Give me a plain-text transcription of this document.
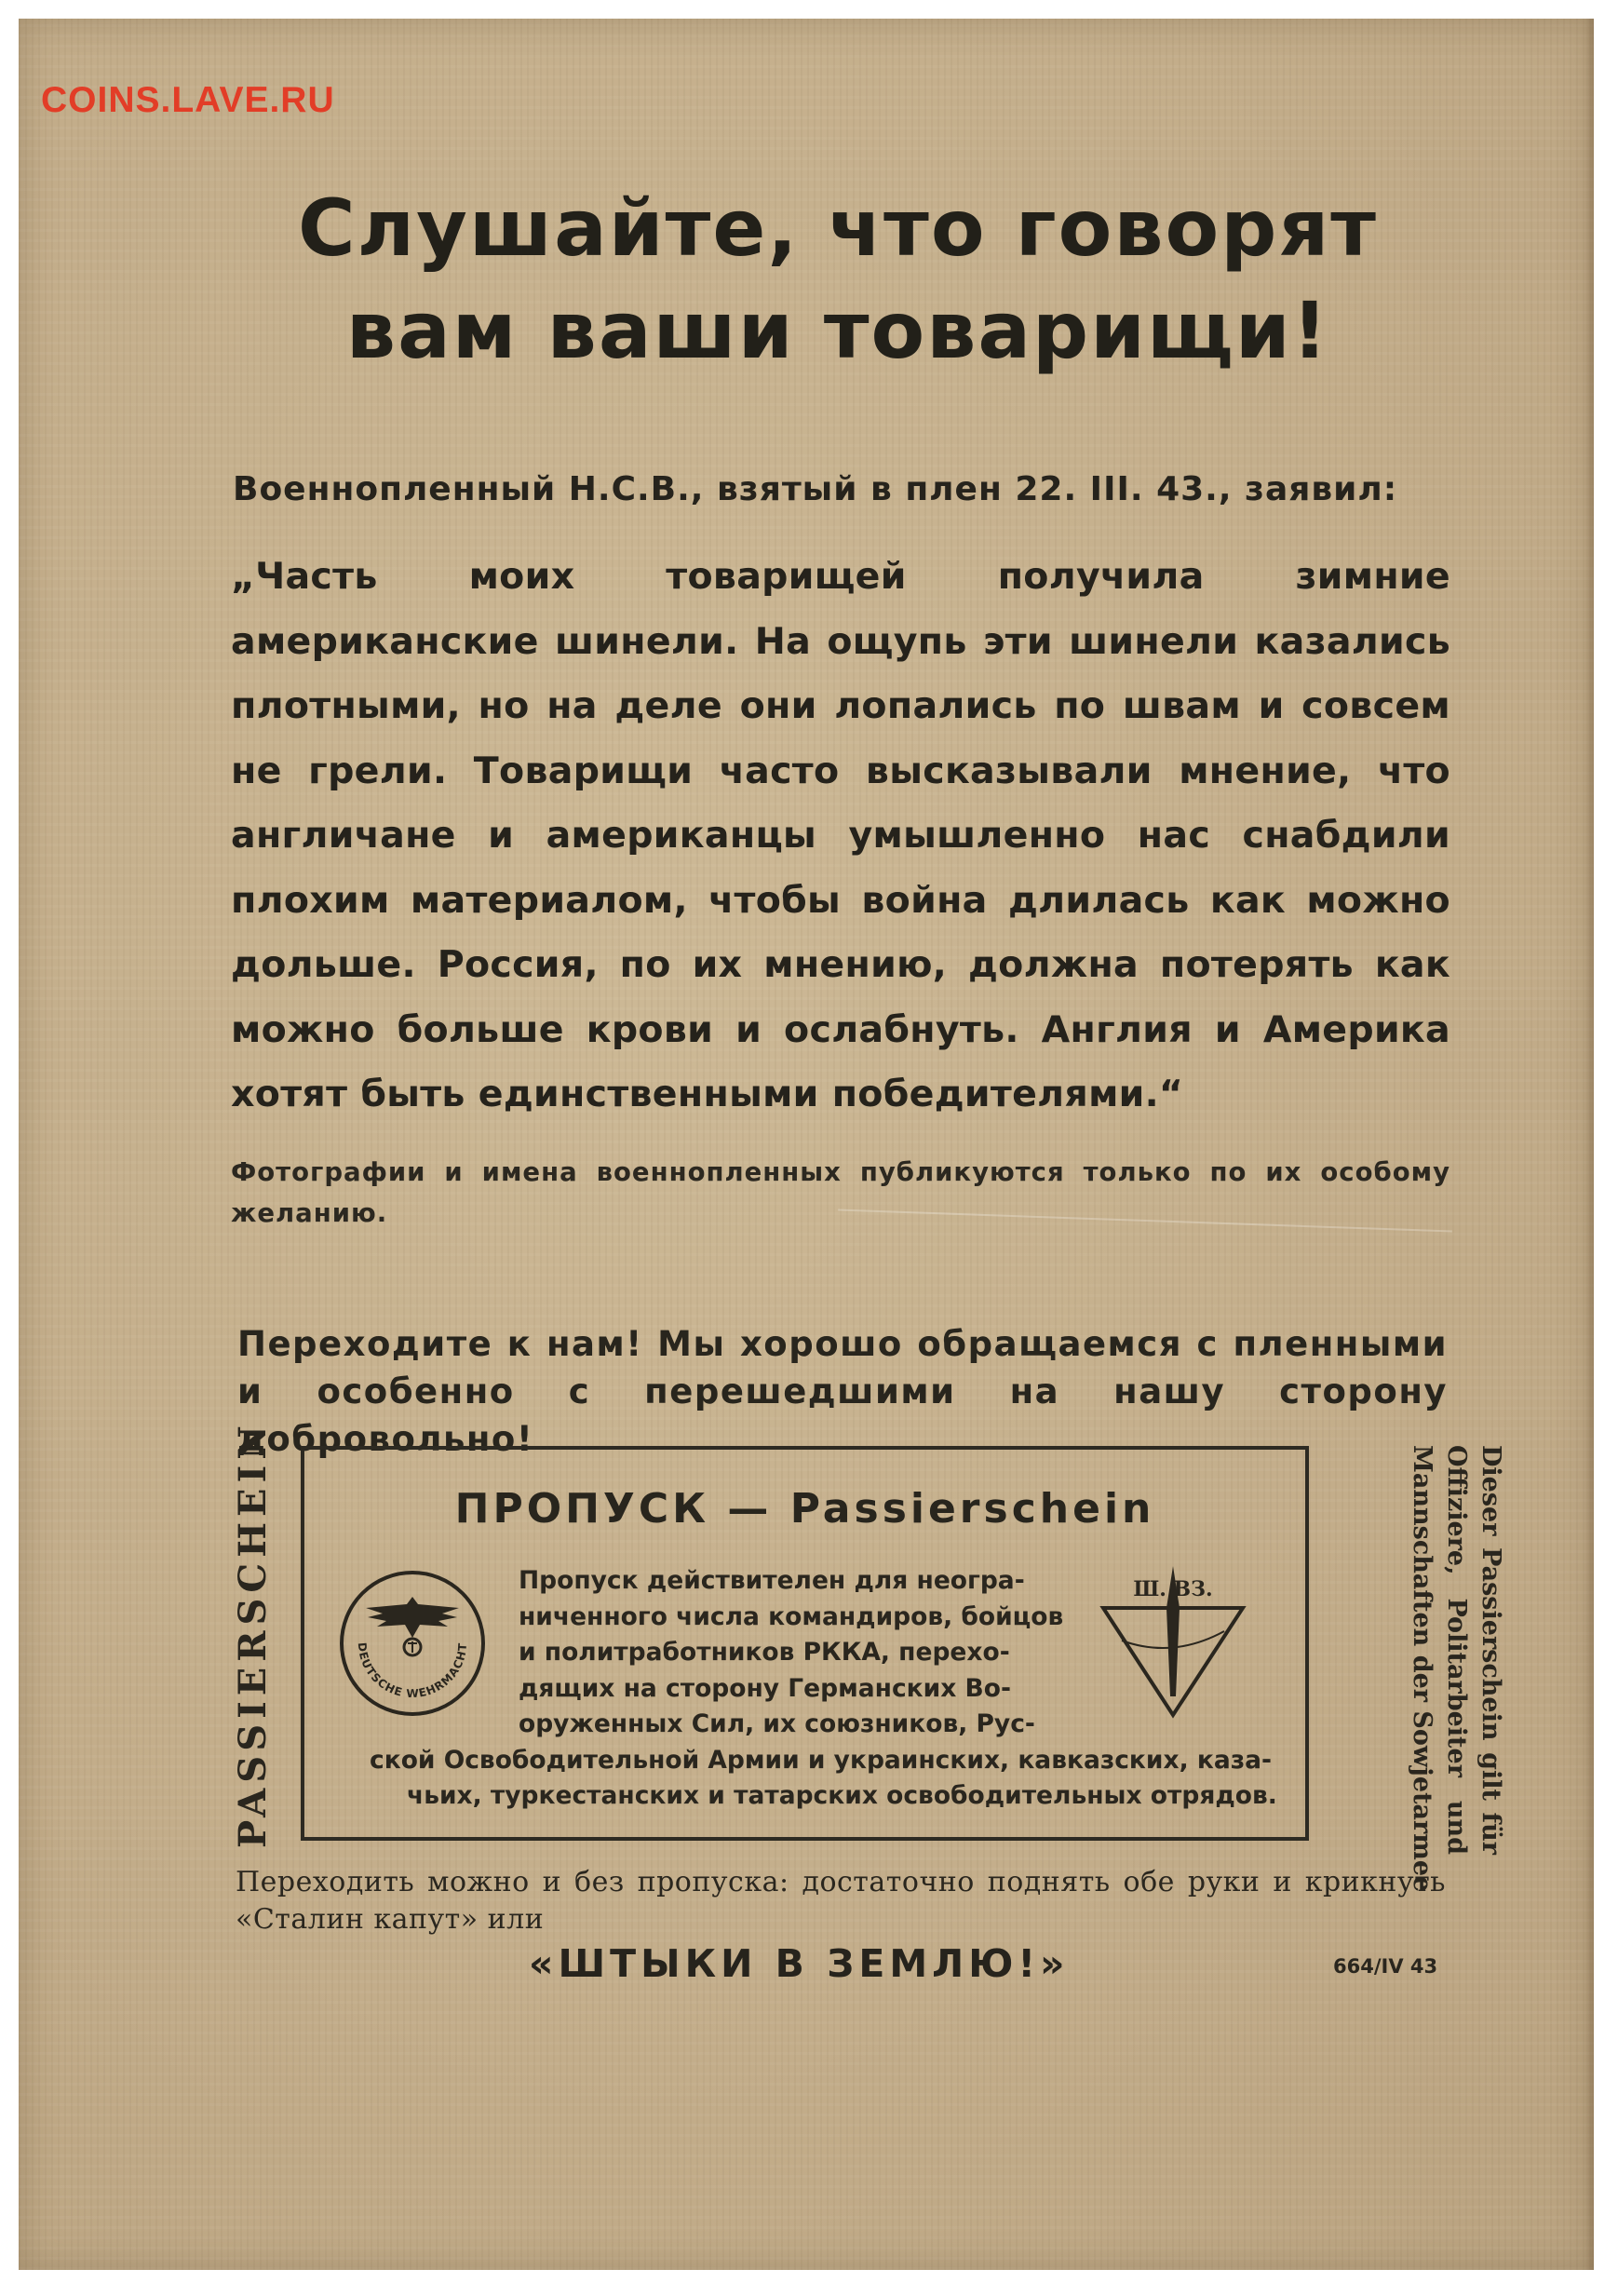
COINS.LAVE.RU
Слушайте, что говорят
вам ваши товарищи!
Военнопленный Н.С.В., взятый в плен 22. III. 43., заявил:
„Часть моих товарищей получила зимние американские шинели. На ощупь эти шинели казались плотными, но на деле они лопались по швам и совсем не грели. Товарищи часто высказывали мнение, что англичане и американцы умышленно нас снабдили плохим материалом, чтобы война длилась как можно дольше. Россия, по их мнению, должна потерять как можно больше крови и ослабнуть. Англия и Америка хотят быть единственными победителями.“
Фотографии и имена военнопленных публикуются только по их особому желанию.
Переходите к нам! Мы хорошо обращаемся с пленными и особенно с перешедшими на нашу сторону добровольно!
PASSIERSCHEIN	Dieser Passierschein gilt für
Offiziere, Politarbeiter und
Mannschaften der Sowjetarmee
ПРОПУСК — Passierschein
DEUTSCHE WEHRMACHT
Пропуск действителен для неогра-
ниченного числа командиров, бойцов
и политработников РККА, перехо-
дящих на сторону Германских Во-
оруженных Сил, их союзников, Рус-
ской Освободительной Армии и украинских, кавказских, каза-
чьих, туркестанских и татарских освободительных отрядов.
Ш. ВЗ.
Переходить можно и без пропуска: достаточно поднять обе руки и крикнуть «Сталин капут» или
«ШТЫКИ В ЗЕМЛЮ!»	664/IV 43
